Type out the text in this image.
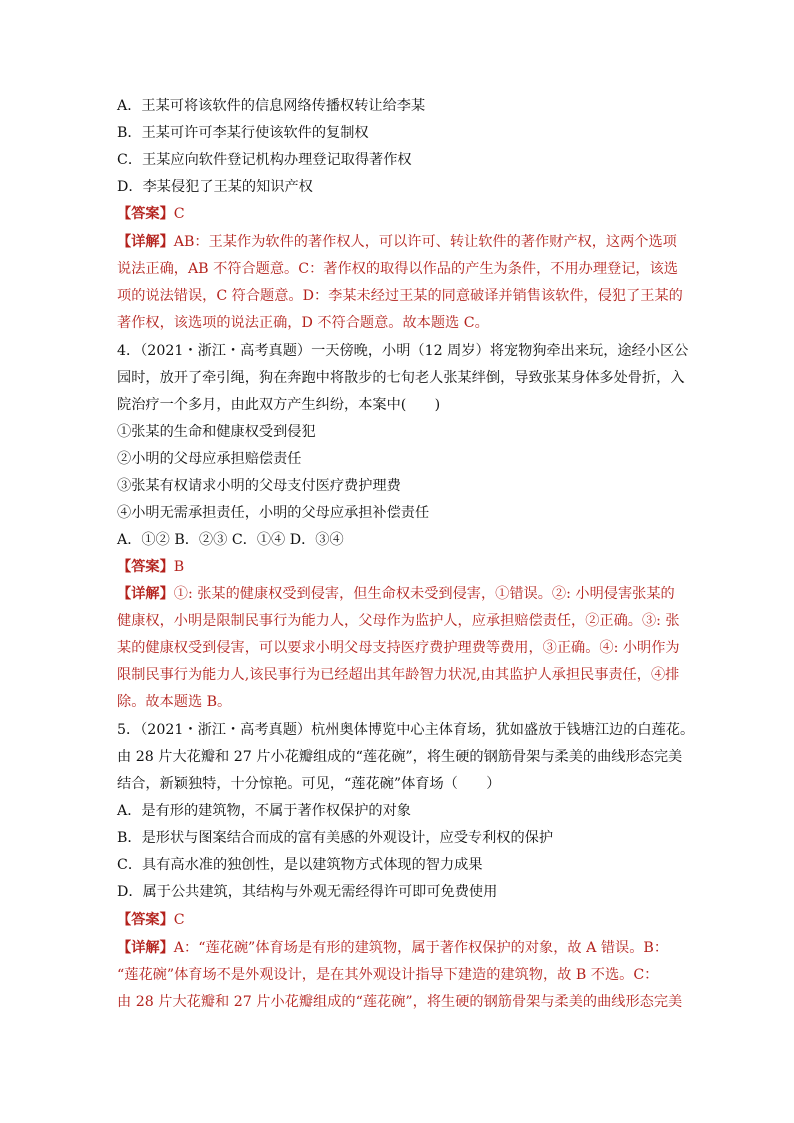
A．王某可将该软件的信息网络传播权转让给李某
B．王某可许可李某行使该软件的复制权
C．王某应向软件登记机构办理登记取得著作权
D．李某侵犯了王某的知识产权
【答案】C
【详解】AB：王某作为软件的著作权人，可以许可、转让软件的著作财产权，这两个选项
说法正确，AB 不符合题意。C：著作权的取得以作品的产生为条件，不用办理登记，该选
项的说法错误，C 符合题意。D：李某未经过王某的同意破译并销售该软件，侵犯了王某的
著作权，该选项的说法正确，D 不符合题意。故本题选 C。
4．（2021・浙江・高考真题）一天傍晚，小明（12 周岁）将宠物狗牵出来玩，途经小区公
园时，放开了牵引绳，狗在奔跑中将散步的七旬老人张某绊倒，导致张某身体多处骨折，入
院治疗一个多月，由此双方产生纠纷，本案中(　　)
①张某的生命和健康权受到侵犯
②小明的父母应承担赔偿责任
③张某有权请求小明的父母支付医疗费护理费
④小明无需承担责任，小明的父母应承担补偿责任
A．①② B．②③ C．①④ D．③④
【答案】B
【详解】①: 张某的健康权受到侵害，但生命权未受到侵害，①错误。②: 小明侵害张某的
健康权，小明是限制民事行为能力人，父母作为监护人，应承担赔偿责任，②正确。③: 张
某的健康权受到侵害，可以要求小明父母支持医疗费护理费等费用，③正确。④: 小明作为
限制民事行为能力人,该民事行为已经超出其年龄智力状况,由其监护人承担民事责任，④排
除。故本题选 B。
5．（2021・浙江・高考真题）杭州奥体博览中心主体育场，犹如盛放于钱塘江边的白莲花。
由 28 片大花瓣和 27 片小花瓣组成的“莲花碗”，将生硬的钢筋骨架与柔美的曲线形态完美
结合，新颖独特，十分惊艳。可见，“莲花碗”体育场（　　）
A．是有形的建筑物，不属于著作权保护的对象
B．是形状与图案结合而成的富有美感的外观设计，应受专利权的保护
C．具有高水准的独创性，是以建筑物方式体现的智力成果
D．属于公共建筑，其结构与外观无需经得许可即可免费使用
【答案】C
【详解】A：“莲花碗”体育场是有形的建筑物，属于著作权保护的对象，故 A 错误。B：
“莲花碗”体育场不是外观设计，是在其外观设计指导下建造的建筑物，故 B 不选。C：
由 28 片大花瓣和 27 片小花瓣组成的“莲花碗”，将生硬的钢筋骨架与柔美的曲线形态完美
